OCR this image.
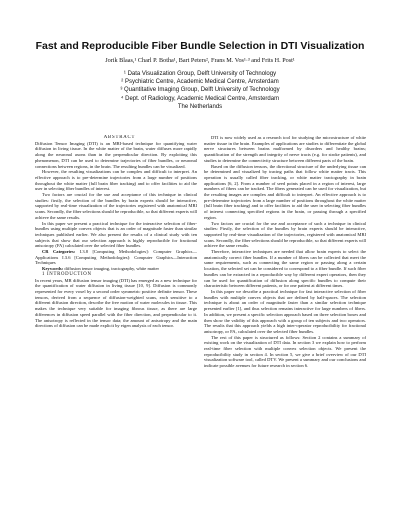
Fast and Reproducible Fiber Bundle Selection in DTI Visualization
Jorik Blaas,¹ Charl P. Botha¹, Bart Peters², Frans M. Vos¹·³ and Frits H. Post¹
¹ Data Visualization Group, Delft University of Technology
² Psychiatric Centre, Academic Medical Centre, Amsterdam
³ Quantitative Imaging Group, Delft University of Technology
⁴ Dept. of Radiology, Academic Medical Centre, Amsterdam
The Netherlands

ABSTRACT

Diffusion Tensor Imaging (DTI) is an MRI-based technique for quantifying water diffusion in living tissue. In the white matter of the brain, water diffuses more rapidly along the neuronal axons than in the perpendicular direction. By exploiting this phenomenon, DTI can be used to determine trajectories of fiber bundles, or neuronal connections between regions, in the brain. The resulting bundles can be visualized.

However, the resulting visualizations can be complex and difficult to interpret. An effective approach is to pre-determine trajectories from a large number of positions throughout the white matter (full brain fiber tracking) and to offer facilities to aid the user in selecting fiber bundles of interest.

Two factors are crucial for the use and acceptance of this technique in clinical studies: firstly, the selection of the bundles by brain experts should be interactive, supported by real-time visualization of the trajectories registered with anatomical MRI scans. Secondly, the fiber selections should be reproducible, so that different experts will achieve the same results.

In this paper we present a practical technique for the interactive selection of fiber-bundles using multiple convex objects that is an order of magnitude faster than similar techniques published earlier. We also present the results of a clinical study with ten subjects that show that our selection approach is highly reproducible for fractional anisotropy (FA) calculated over the selected fiber bundles.

CR Categories: I.3.8 [Computing Methodologies]: Computer Graphics—Applications I.3.6 [Computing Methodologies]: Computer Graphics—Interaction Techniques

Keywords: diffusion tensor imaging, tractography, white matter

1 INTRODUCTION

In recent years, MR diffusion tensor imaging (DTI) has emerged as a new technique for the quantification of water diffusion in living tissue [10, 9]. Diffusion is commonly represented for every voxel by a second order symmetric positive definite tensor. These tensors, derived from a sequence of diffusion-weighted scans, each sensitive to a different diffusion direction, describe the free motion of water molecules in tissue. This makes the technique very suitable for imaging fibrous tissue, as there are large differences in diffusion speed parallel with the fiber direction, and perpendicular to it. The anisotropy is reflected in the tensor data; the amount of anisotropy and the main directions of diffusion can be made explicit by eigen analysis of each tensor.

DTI is now widely used as a research tool for studying the microstructure of white matter tissue in the brain. Examples of applications are studies to differentiate the global nerve structures between brains malformed by disorders and healthy brains; quantification of the strength and integrity of nerve tracts (e.g. for stroke patients), and studies to determine the connectivity structure between different parts of the brain.

Based on the diffusion tensors, the directional structure of the underlying tissue can be determined and visualized by tracing paths that follow white matter tracts. This operation is usually called fiber tracking, or white matter tractography in brain applications [6, 2]. From a number of seed points placed in a region of interest, large numbers of fibers can be tracked. The fibers generated can be used for visualization, but the resulting images are complex and difficult to interpret. An effective approach is to pre-determine trajectories from a large number of positions throughout the white matter (full brain fiber tracking) and to offer facilities to aid the user in selecting fiber bundles of interest connecting specified regions in the brain, or passing through a specified region.

Two factors are crucial for the use and acceptance of such a technique in clinical studies: Firstly, the selection of the bundles by brain experts should be interactive, supported by real-time visualization of the trajectories, registered with anatomical MRI scans. Secondly, the fiber selections should be reproducible, so that different experts will achieve the same results.

Therefore, interactive techniques are needed that allow brain experts to select the anatomically correct fiber bundles. If a number of fibers can be collected that meet the same requirements, such as connecting the same region or passing along a certain location, the selected set can be considered to correspond to a fiber bundle. If such fiber bundles can be extracted in a reproducible way by different expert operators, then they can be used for quantification of diffusion along specific bundles to compute their characteristic between different patients, or for one patient at different times.

In this paper we describe a practical technique for fast interactive selection of fiber bundles with multiple convex objects that are defined by half-spaces. The selection technique is about an order of magnitude faster than a similar selection technique presented earlier [1], and thus selection remains interactive for large numbers of fibers. In addition, we present a specific selection approach based on three selection boxes and then show the validity of this approach with a group of ten subjects and two operators. The results that this approach yields a high inter-operator reproducibility for fractional anisotropy, or FA, calculated over the selected fiber bundles.

The rest of this paper is structured as follows: Section 2 contains a summary of existing work on the visualization of DTI data. In section 3 we explain how to perform real-time fiber selection with multiple convex selection objects. We present the reproducibility study in section 4. In section 5, we give a brief overview of our DTI visualization software tool, called DTV. We present a summary and our conclusions and indicate possible avenues for future research in section 6.
